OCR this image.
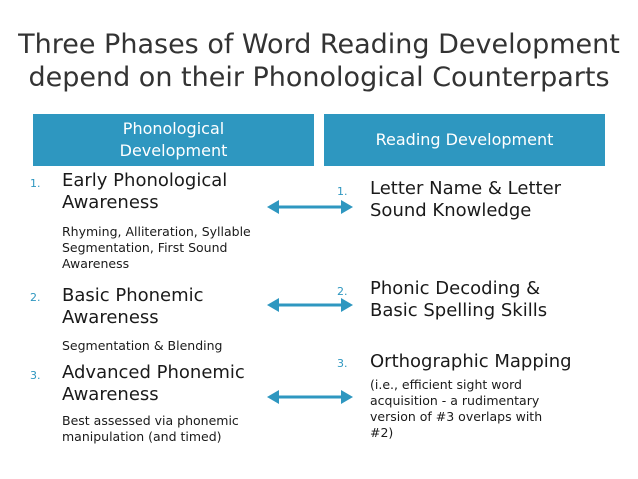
Three Phases of Word Reading Development
depend on their Phonological Counterparts
Phonological
Development
Reading Development
1. Early Phonological
Awareness
Rhyming, Alliteration, Syllable
Segmentation, First Sound
Awareness
2. Basic Phonemic
Awareness
Segmentation & Blending
3. Advanced Phonemic
Awareness
Best assessed via phonemic
manipulation (and timed)
1. Letter Name & Letter
Sound Knowledge
2. Phonic Decoding &
Basic Spelling Skills
3. Orthographic Mapping
(i.e., efficient sight word
acquisition - a rudimentary
version of #3 overlaps with
#2)
